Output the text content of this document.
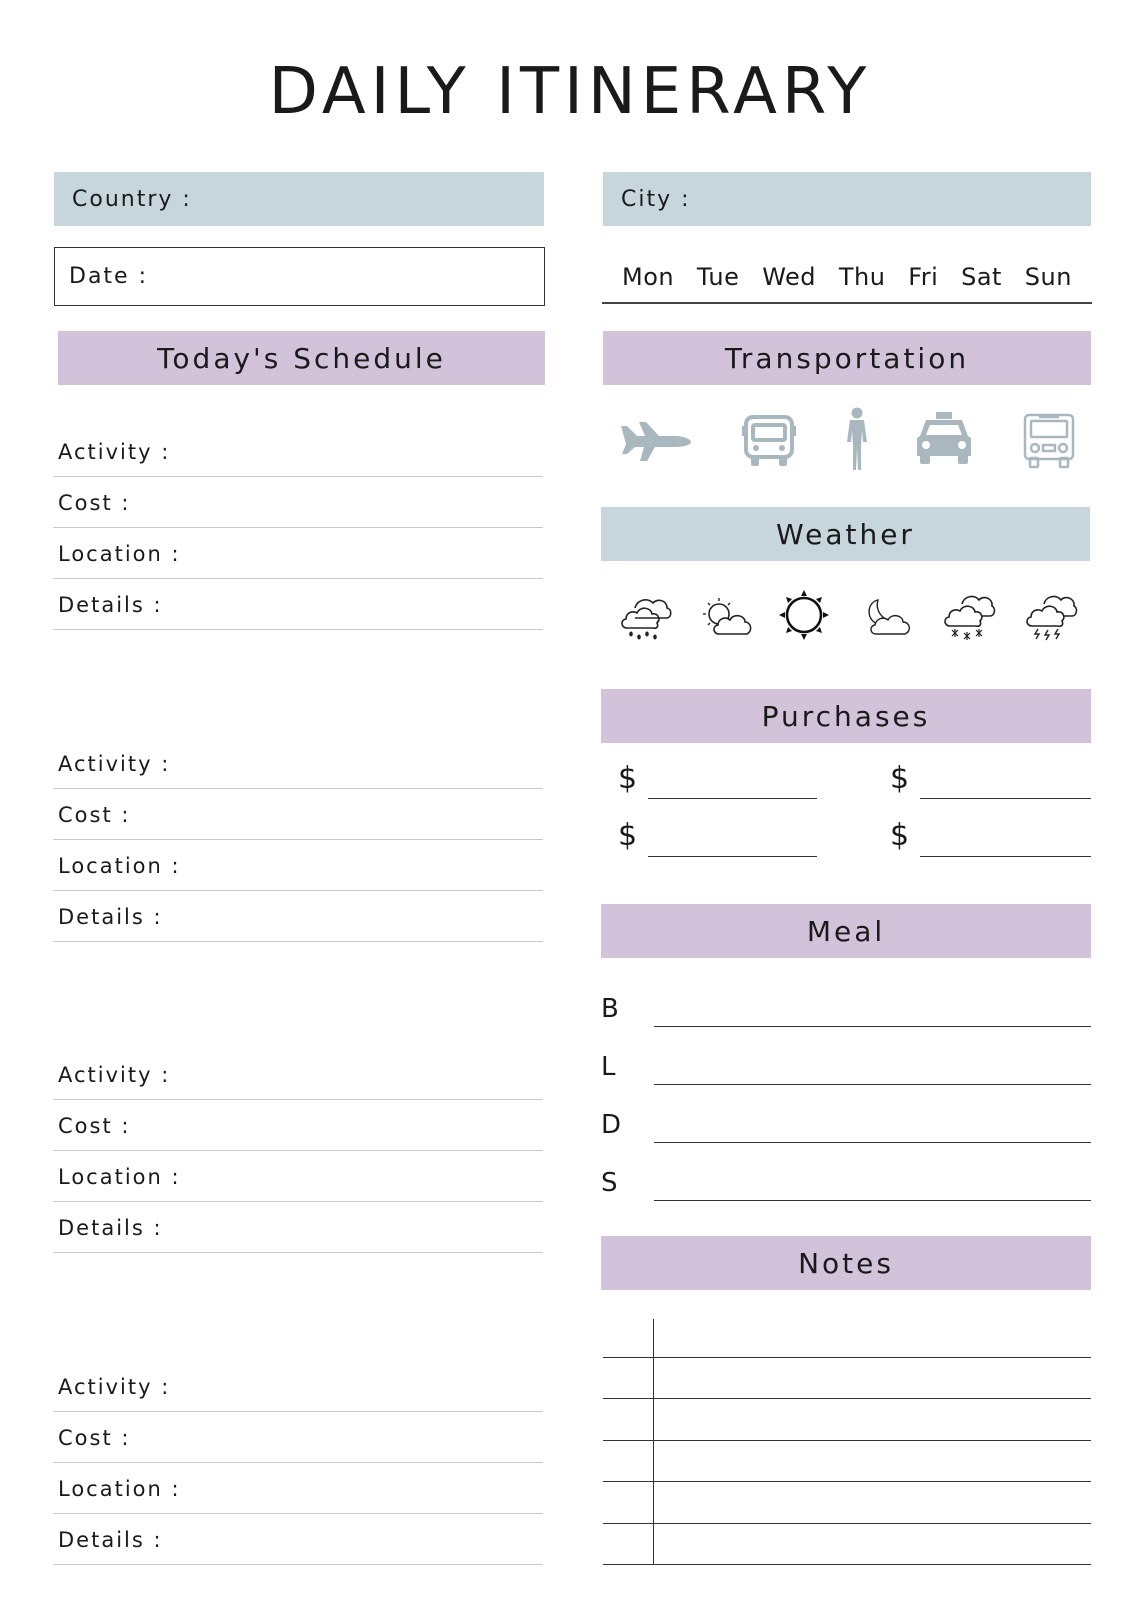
DAILY ITINERARY
Country :	City :
Date :	Mon Tue Wed Thu Fri Sat Sun
Today's Schedule	Transportation
Weather
Purchases
Meal
Notes
Activity :
Cost :
Location :
Details :
Activity :
Cost :
Location :
Details :
Activity :
Cost :
Location :
Details :
Activity :
Cost :
Location :
Details :
$	$
$	$
B
L
D
S
